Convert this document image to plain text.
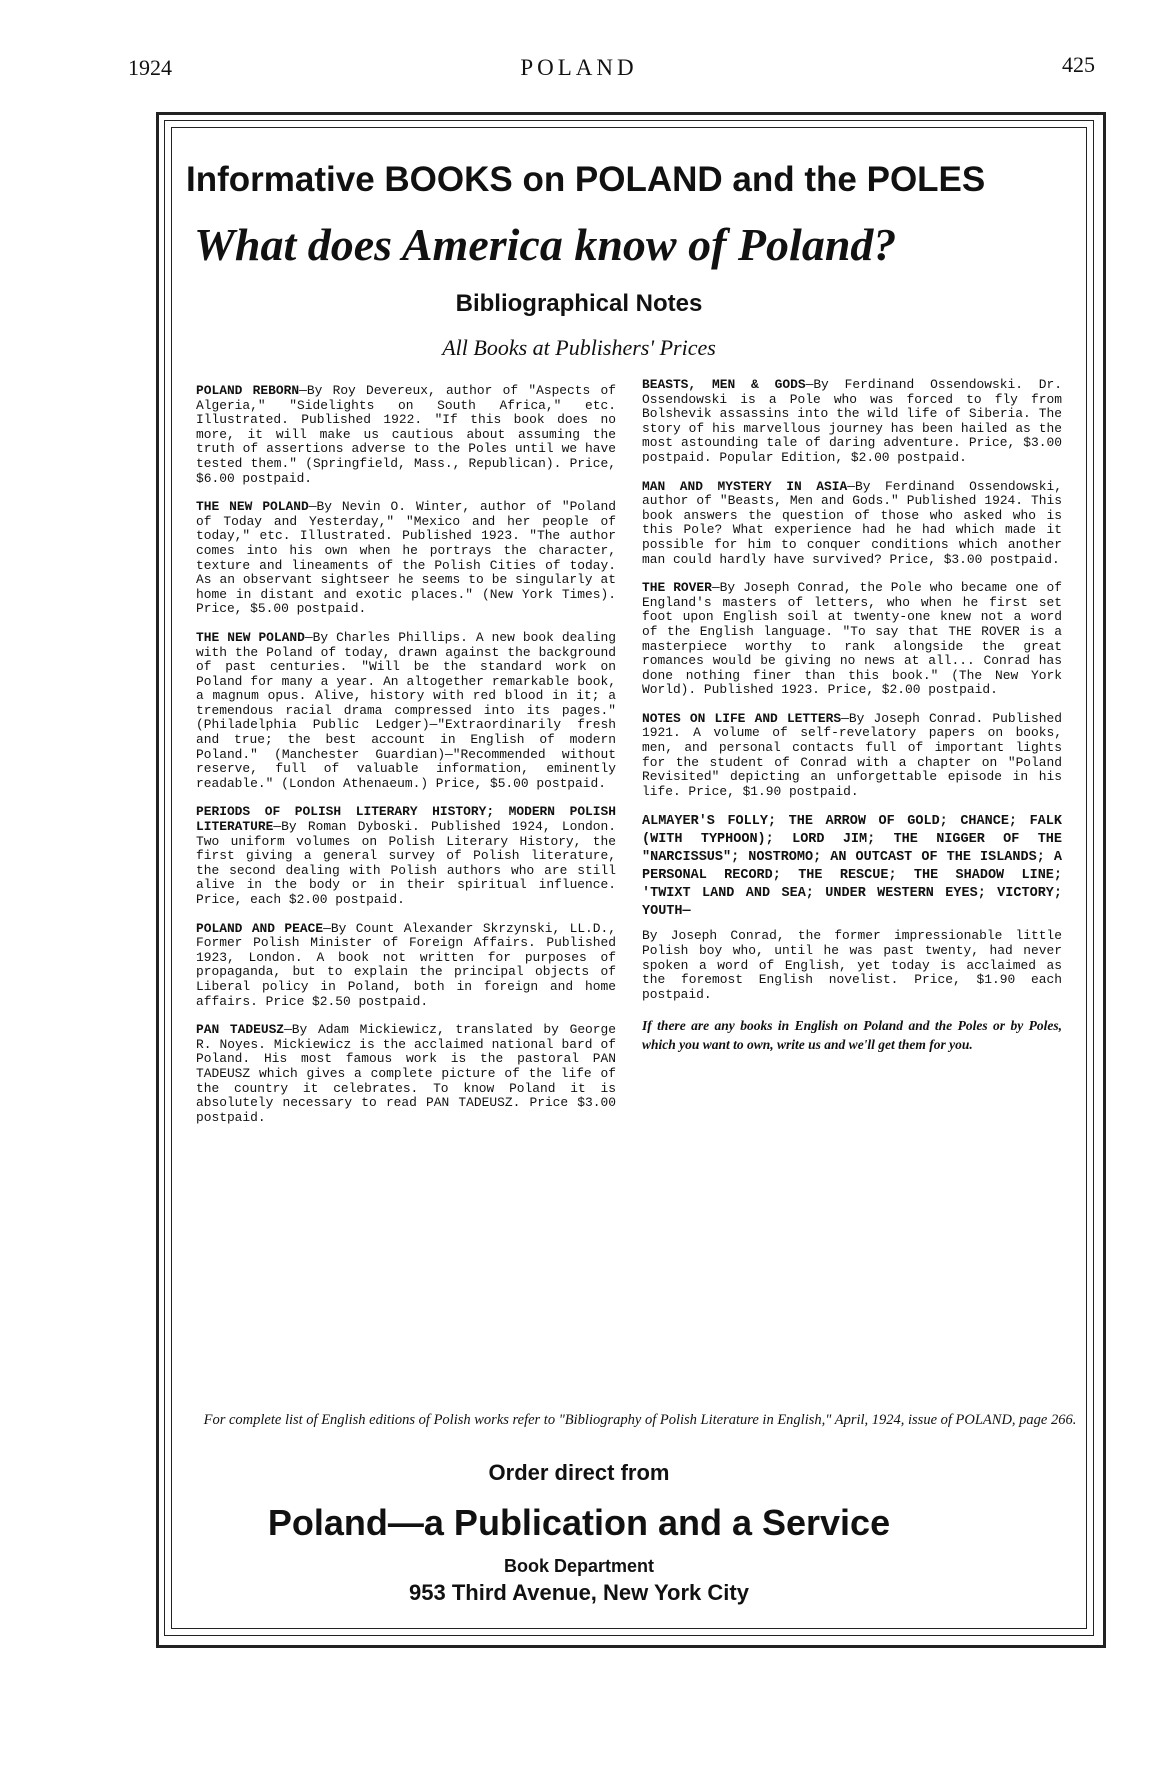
1924	POLAND	425
Informative BOOKS on POLAND and the POLES
What does America know of Poland?
Bibliographical Notes
All Books at Publishers' Prices

POLAND REBORN—By Roy Devereux, author of "Aspects of Algeria," "Sidelights on South Africa," etc. Illustrated. Published 1922. "If this book does no more, it will make us cautious about assuming the truth of assertions adverse to the Poles until we have tested them." (Springfield, Mass., Republican). Price, $6.00 postpaid.

THE NEW POLAND—By Nevin O. Winter, author of "Poland of Today and Yesterday," "Mexico and her people of today," etc. Illustrated. Published 1923. "The author comes into his own when he portrays the character, texture and lineaments of the Polish Cities of today. As an observant sightseer he seems to be singularly at home in distant and exotic places." (New York Times). Price, $5.00 postpaid.

THE NEW POLAND—By Charles Phillips. A new book dealing with the Poland of today, drawn against the background of past centuries. "Will be the standard work on Poland for many a year. An altogether remarkable book, a magnum opus. Alive, history with red blood in it; a tremendous racial drama compressed into its pages." (Philadelphia Public Ledger)—"Extraordinarily fresh and true; the best account in English of modern Poland." (Manchester Guardian)—"Recommended without reserve, full of valuable information, eminently readable." (London Athenaeum.) Price, $5.00 postpaid.

PERIODS OF POLISH LITERARY HISTORY; MODERN POLISH LITERATURE—By Roman Dyboski. Published 1924, London. Two uniform volumes on Polish Literary History, the first giving a general survey of Polish literature, the second dealing with Polish authors who are still alive in the body or in their spiritual influence. Price, each $2.00 postpaid.

POLAND AND PEACE—By Count Alexander Skrzynski, LL.D., Former Polish Minister of Foreign Affairs. Published 1923, London. A book not written for purposes of propaganda, but to explain the principal objects of Liberal policy in Poland, both in foreign and home affairs. Price $2.50 postpaid.

PAN TADEUSZ—By Adam Mickiewicz, translated by George R. Noyes. Mickiewicz is the acclaimed national bard of Poland. His most famous work is the pastoral PAN TADEUSZ which gives a complete picture of the life of the country it celebrates. To know Poland it is absolutely necessary to read PAN TADEUSZ. Price $3.00 postpaid.

BEASTS, MEN & GODS—By Ferdinand Ossendowski. Dr. Ossendowski is a Pole who was forced to fly from Bolshevik assassins into the wild life of Siberia. The story of his marvellous journey has been hailed as the most astounding tale of daring adventure. Price, $3.00 postpaid. Popular Edition, $2.00 postpaid.

MAN AND MYSTERY IN ASIA—By Ferdinand Ossendowski, author of "Beasts, Men and Gods." Published 1924. This book answers the question of those who asked who is this Pole? What experience had he had which made it possible for him to conquer conditions which another man could hardly have survived? Price, $3.00 postpaid.

THE ROVER—By Joseph Conrad, the Pole who became one of England's masters of letters, who when he first set foot upon English soil at twenty-one knew not a word of the English language. "To say that THE ROVER is a masterpiece worthy to rank alongside the great romances would be giving no news at all... Conrad has done nothing finer than this book." (The New York World). Published 1923. Price, $2.00 postpaid.

NOTES ON LIFE AND LETTERS—By Joseph Conrad. Published 1921. A volume of self-revelatory papers on books, men, and personal contacts full of important lights for the student of Conrad with a chapter on "Poland Revisited" depicting an unforgettable episode in his life. Price, $1.90 postpaid.

ALMAYER'S FOLLY; THE ARROW OF GOLD; CHANCE; FALK (WITH TYPHOON); LORD JIM; THE NIGGER OF THE "NARCISSUS"; NOSTROMO; AN OUTCAST OF THE ISLANDS; A PERSONAL RECORD; THE RESCUE; THE SHADOW LINE; 'TWIXT LAND AND SEA; UNDER WESTERN EYES; VICTORY; YOUTH—

By Joseph Conrad, the former impressionable little Polish boy who, until he was past twenty, had never spoken a word of English, yet today is acclaimed as the foremost English novelist. Price, $1.90 each postpaid.

If there are any books in English on Poland and the Poles or by Poles, which you want to own, write us and we'll get them for you.

For complete list of English editions of Polish works refer to "Bibliography of Polish Literature in English," April, 1924, issue of POLAND, page 266.
Order direct from
Poland—a Publication and a Service
Book Department
953 Third Avenue, New York City
